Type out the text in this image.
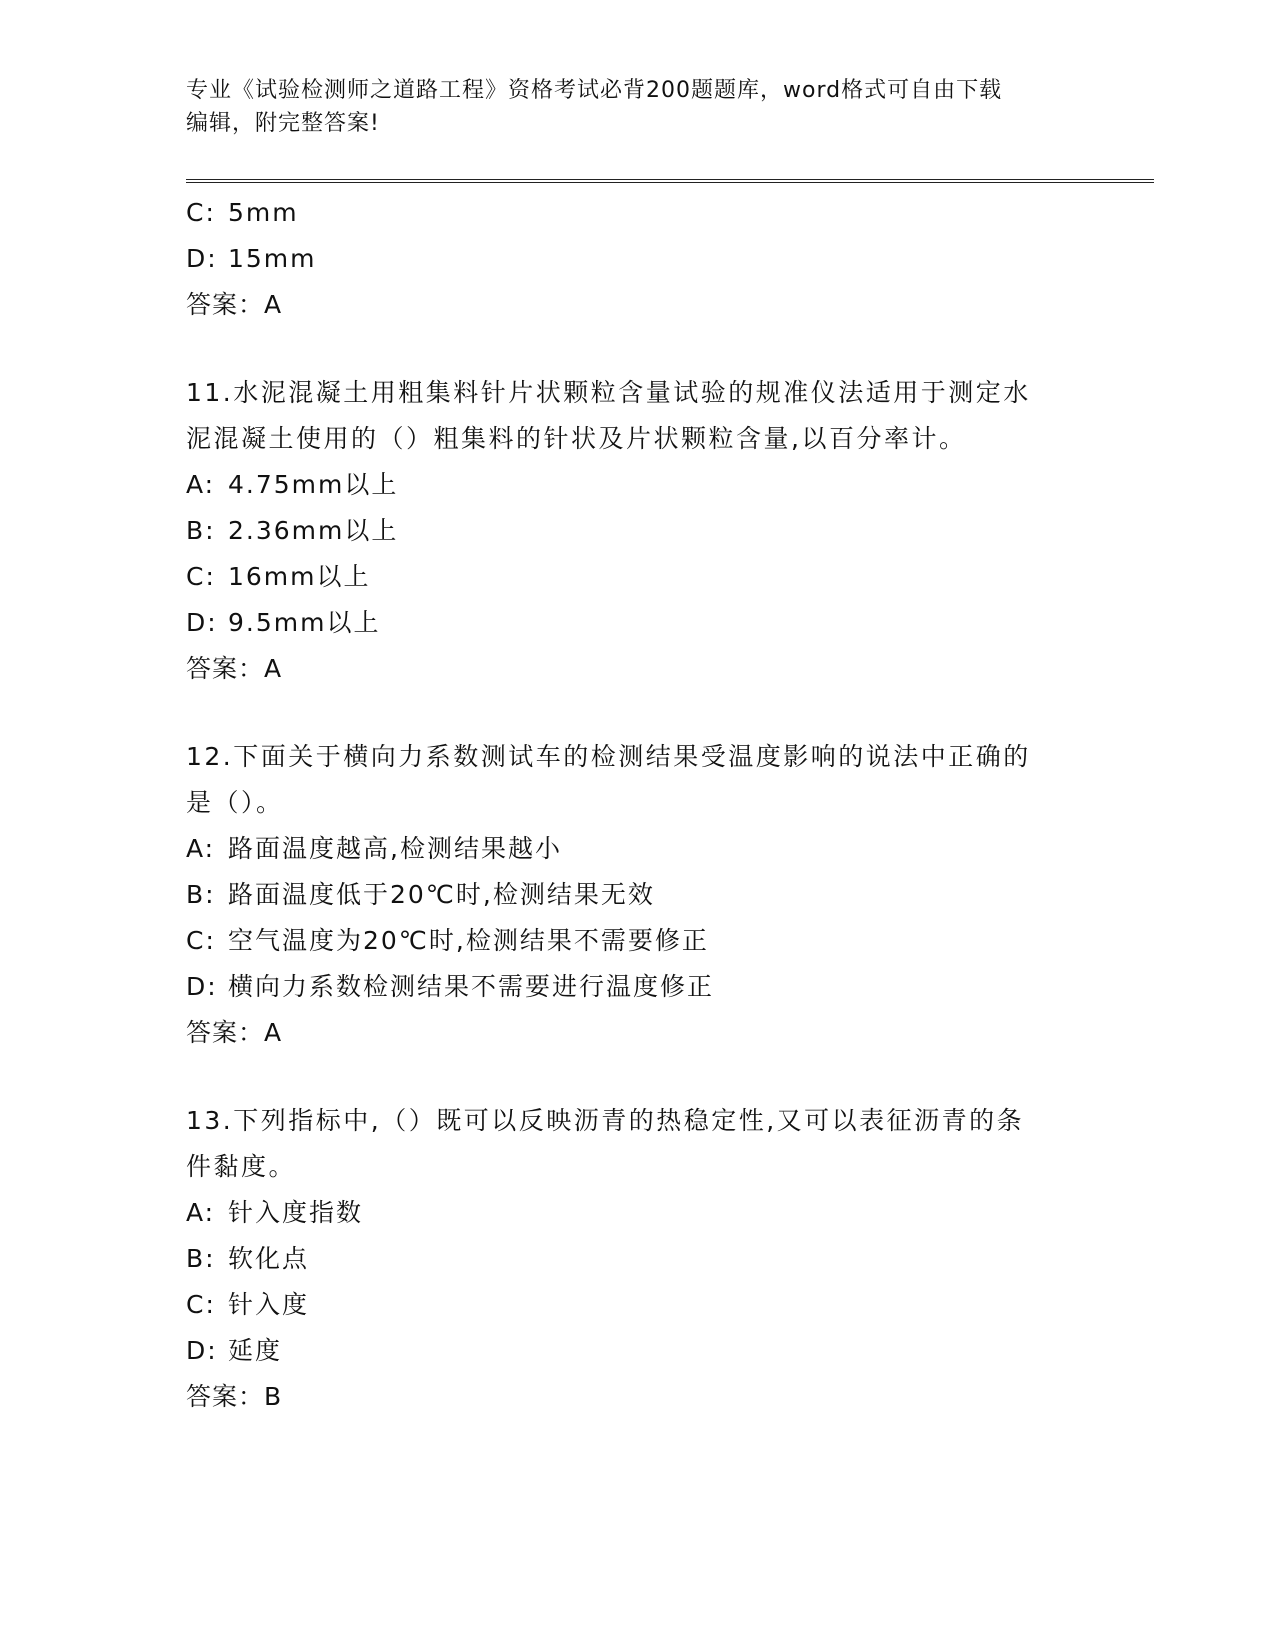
专业《试验检测师之道路工程》资格考试必背200题题库，word格式可自由下载
编辑，附完整答案!
C: 5mm
D: 15mm
答案：A
11.水泥混凝土用粗集料针片状颗粒含量试验的规准仪法适用于测定水
泥混凝土使用的（）粗集料的针状及片状颗粒含量,以百分率计。
A: 4.75mm以上
B: 2.36mm以上
C: 16mm以上
D: 9.5mm以上
答案：A
12.下面关于横向力系数测试车的检测结果受温度影响的说法中正确的
是（）。
A: 路面温度越高,检测结果越小
B: 路面温度低于20℃时,检测结果无效
C: 空气温度为20℃时,检测结果不需要修正
D: 横向力系数检测结果不需要进行温度修正
答案：A
13.下列指标中,（）既可以反映沥青的热稳定性,又可以表征沥青的条
件黏度。
A: 针入度指数
B: 软化点
C: 针入度
D: 延度
答案：B
